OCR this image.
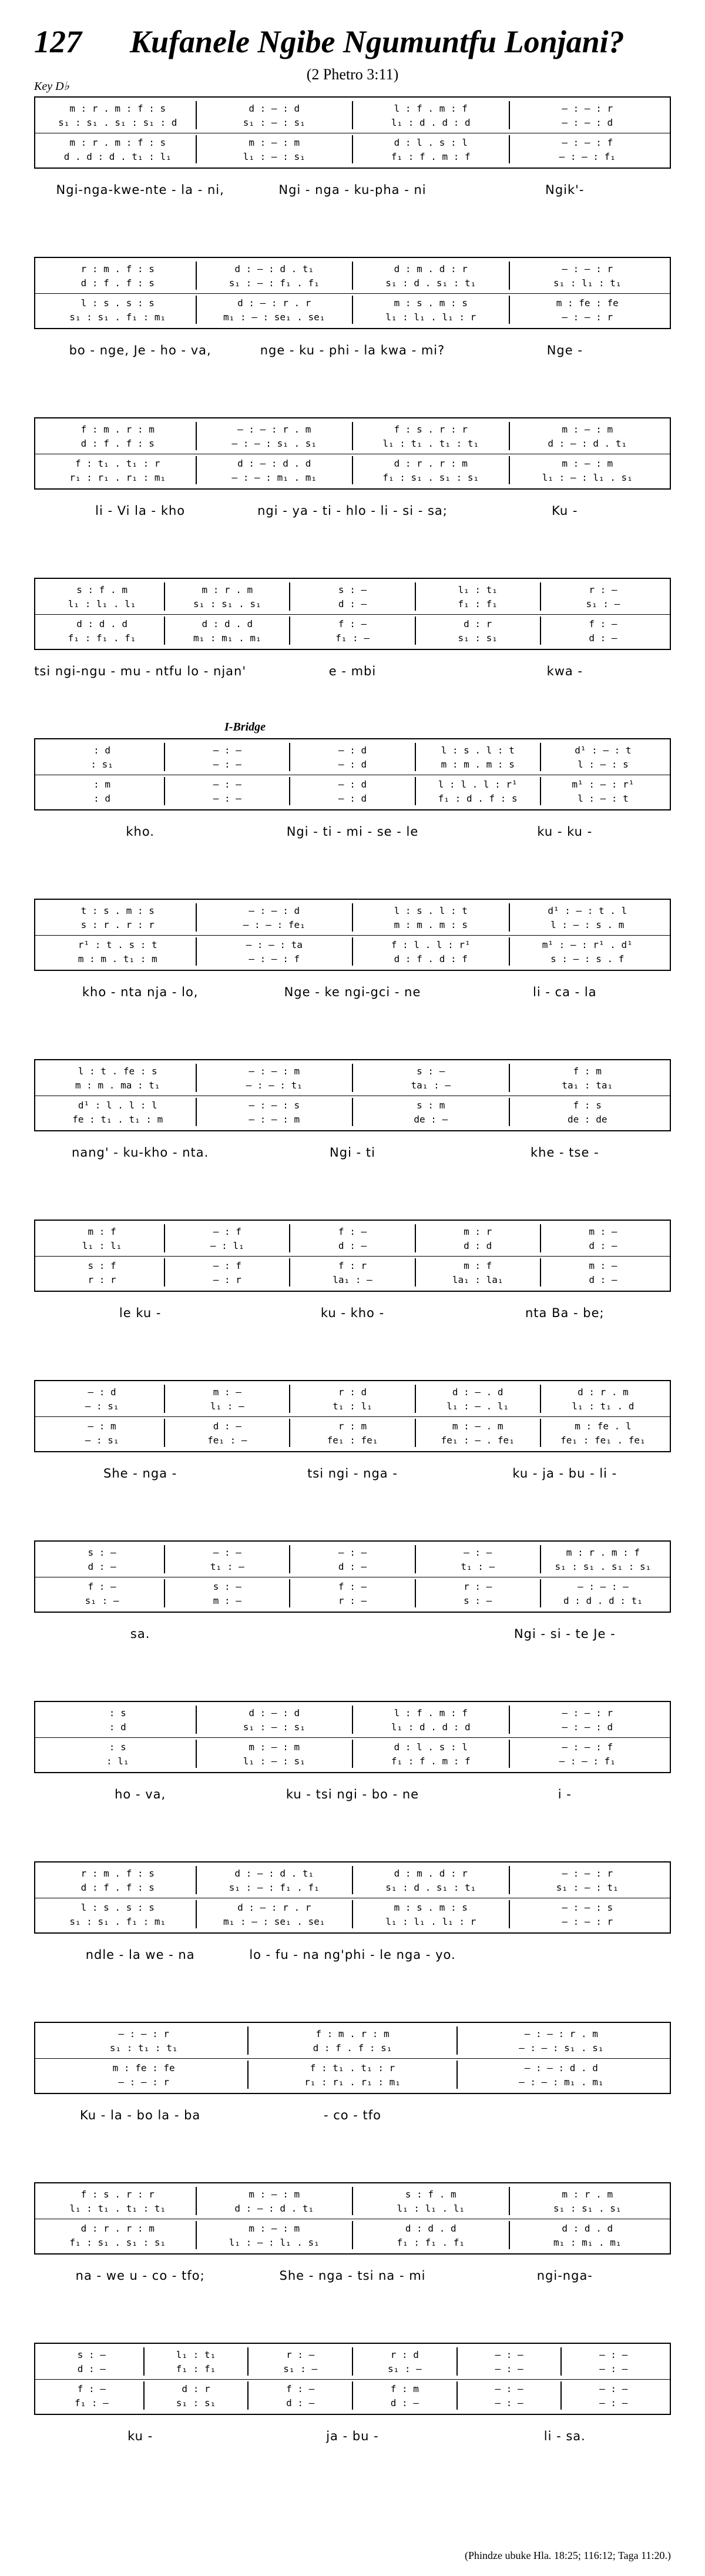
127 Kufanele Ngibe Ngumuntfu Lonjani?
(2 Phetro 3:11)
Key D♭
m : r . m : f : s	d : — : d	l : f . m : f	— : — : r
s₁ : s₁ . s₁ : s₁ : d	s₁ : — : s₁	l₁ : d . d : d	— : — : d
m : r . m : f : s	m : — : m	d : l . s : l	— : — : f
d . d : d . t₁ : l₁	l₁ : — : s₁	f₁ : f . m : f	— : — : f₁
Ngi-nga-kwe-nte - la - ni,	Ngi - nga - ku-pha - ni	Ngik'-
r : m . f : s	d : — : d . t₁	d : m . d : r	— : — : r
d : f . f : s	s₁ : — : f₁ . f₁	s₁ : d . s₁ : t₁	s₁ : l₁ : t₁
l : s . s : s	d : — : r . r	m : s . m : s	m : fe : fe
s₁ : s₁ . f₁ : m₁	m₁ : — : se₁ . se₁	l₁ : l₁ . l₁ : r	— : — : r
bo - nge, Je - ho - va,	nge - ku - phi - la kwa - mi?	Nge -
f : m . r : m	— : — : r . m	f : s . r : r	m : — : m
d : f . f : s	— : — : s₁ . s₁	l₁ : t₁ . t₁ : t₁	d : — : d . t₁
f : t₁ . t₁ : r	d : — : d . d	d : r . r : m	m : — : m
r₁ : r₁ . r₁ : m₁	— : — : m₁ . m₁	f₁ : s₁ . s₁ : s₁	l₁ : — : l₁ . s₁
li - Vi la - kho	ngi - ya - ti - hlo - li - si - sa;	Ku -
s : f . m	m : r . m	s : —	l₁ : t₁	r : —
l₁ : l₁ . l₁	s₁ : s₁ . s₁	d : —	f₁ : f₁	s₁ : —
d : d . d	d : d . d	f : —	d : r	f : —
f₁ : f₁ . f₁	m₁ : m₁ . m₁	f₁ : —	s₁ : s₁	d : —
tsi ngi-ngu - mu - ntfu lo - njan'	e - mbi	kwa -
I-Bridge
: d	— : —	— : d	l : s . l : t	d¹ : — : t
: s₁	— : —	— : d	m : m . m : s	l : — : s
: m	— : —	— : d	l : l . l : r¹	m¹ : — : r¹
: d	— : —	— : d	f₁ : d . f : s	l : — : t
kho.	Ngi - ti - mi - se - le	ku - ku -
t : s . m : s	— : — : d	l : s . l : t	d¹ : — : t . l
s : r . r : r	— : — : fe₁	m : m . m : s	l : — : s . m
r¹ : t . s : t	— : — : ta	f : l . l : r¹	m¹ : — : r¹ . d¹
m : m . t₁ : m	— : — : f	d : f . d : f	s : — : s . f
kho - nta nja - lo,	Nge - ke ngi-gci - ne	li - ca - la
l : t . fe : s	— : — : m	s : —	f : m
m : m . ma : t₁	— : — : t₁	ta₁ : —	ta₁ : ta₁
d¹ : l . l : l	— : — : s	s : m	f : s
fe : t₁ . t₁ : m	— : — : m	de : —	de : de
nang' - ku-kho - nta.	Ngi - ti	khe - tse -
m : f	— : f	f : —	m : r	m : —
l₁ : l₁	— : l₁	d : —	d : d	d : —
s : f	— : f	f : r	m : f	m : —
r : r	— : r	la₁ : —	la₁ : la₁	d : —
le ku -	ku - kho -	nta Ba - be;
— : d	m : —	r : d	d : — . d	d : r . m
— : s₁	l₁ : —	t₁ : l₁	l₁ : — . l₁	l₁ : t₁ . d
— : m	d : —	r : m	m : — . m	m : fe . l
— : s₁	fe₁ : —	fe₁ : fe₁	fe₁ : — . fe₁	fe₁ : fe₁ . fe₁
She - nga -	tsi ngi - nga -	ku - ja - bu - li -
s : —	— : —	— : —	— : —	m : r . m : f
d : —	t₁ : —	d : —	t₁ : —	s₁ : s₁ . s₁ : s₁
f : —	s : —	f : —	r : —	— : — : —
s₁ : —	m : —	r : —	s : —	d : d . d : t₁
sa.	Ngi - si - te Je -
: s	d : — : d	l : f . m : f	— : — : r
: d	s₁ : — : s₁	l₁ : d . d : d	— : — : d
: s	m : — : m	d : l . s : l	— : — : f
: l₁	l₁ : — : s₁	f₁ : f . m : f	— : — : f₁
ho - va,	ku - tsi ngi - bo - ne	i -
r : m . f : s	d : — : d . t₁	d : m . d : r	— : — : r
d : f . f : s	s₁ : — : f₁ . f₁	s₁ : d . s₁ : t₁	s₁ : — : t₁
l : s . s : s	d : — : r . r	m : s . m : s	— : — : s
s₁ : s₁ . f₁ : m₁	m₁ : — : se₁ . se₁	l₁ : l₁ . l₁ : r	— : — : r
ndle - la we - na	lo - fu - na ng'phi - le nga - yo.
— : — : r	f : m . r : m	— : — : r . m
s₁ : t₁ : t₁	d : f . f : s₁	— : — : s₁ . s₁
m : fe : fe	f : t₁ . t₁ : r	— : — : d . d
— : — : r	r₁ : r₁ . r₁ : m₁	— : — : m₁ . m₁
Ku - la - bo la - ba	- co - tfo
f : s . r : r	m : — : m	s : f . m	m : r . m
l₁ : t₁ . t₁ : t₁	d : — : d . t₁	l₁ : l₁ . l₁	s₁ : s₁ . s₁
d : r . r : m	m : — : m	d : d . d	d : d . d
f₁ : s₁ . s₁ : s₁	l₁ : — : l₁ . s₁	f₁ : f₁ . f₁	m₁ : m₁ . m₁
na - we u - co - tfo;	She - nga - tsi na - mi	ngi-nga-
s : —	l₁ : t₁	r : —	r : d	— : —	— : —
d : —	f₁ : f₁	s₁ : —	s₁ : —	— : —	— : —
f : —	d : r	f : —	f : m	— : —	— : —
f₁ : —	s₁ : s₁	d : —	d : —	— : —	— : —
ku -	ja - bu -	li - sa.
(Phindze ubuke Hla. 18:25; 116:12; Taga 11:20.)
